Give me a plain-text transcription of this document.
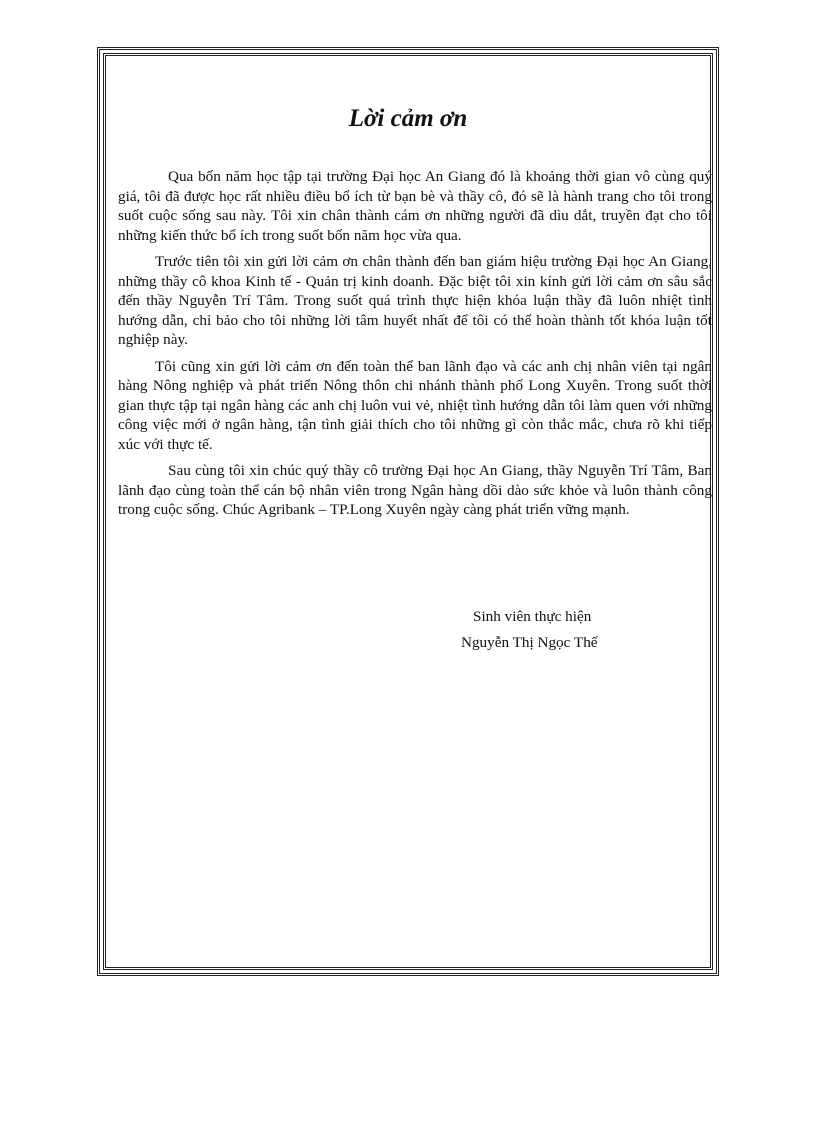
Lời cảm ơn

Qua bốn năm học tập tại trường Đại học An Giang đó là khoảng thời gian vô cùng quý giá, tôi đã được học rất nhiều điều bổ ích từ bạn bè và thầy cô, đó sẽ là hành trang cho tôi trong suốt cuộc sống sau này. Tôi xin chân thành cám ơn những người đã dìu dắt, truyền đạt cho tôi những kiến thức bổ ích trong suốt bốn năm học vừa qua.

Trước tiên tôi xin gửi lời cảm ơn chân thành đến ban giám hiệu trường Đại học An Giang, những thầy cô khoa Kinh tế - Quản trị kinh doanh. Đặc biệt tôi xin kính gửi lời cảm ơn sâu sắc đến thầy Nguyễn Trí Tâm. Trong suốt quá trình thực hiện khóa luận thầy đã luôn nhiệt tình hướng dẫn, chỉ bảo cho tôi những lời tâm huyết nhất để tôi có thể hoàn thành tốt khóa luận tốt nghiệp này.

Tôi cũng xin gửi lời cảm ơn đến toàn thể ban lãnh đạo và các anh chị nhân viên tại ngân hàng Nông nghiệp và phát triển Nông thôn chi nhánh thành phố Long Xuyên. Trong suốt thời gian thực tập tại ngân hàng các anh chị luôn vui vẻ, nhiệt tình hướng dẫn tôi làm quen với những công việc mới ở ngân hàng, tận tình giải thích cho tôi những gì còn thắc mắc, chưa rõ khi tiếp xúc với thực tế.

Sau cùng tôi xin chúc quý thầy cô trường Đại học An Giang, thầy Nguyễn Trí Tâm, Ban lãnh đạo cùng toàn thể cán bộ nhân viên trong Ngân hàng dồi dào sức khỏe và luôn thành công trong cuộc sống. Chúc Agribank – TP.Long Xuyên ngày càng phát triển vững mạnh.

Sinh viên thực hiện
Nguyễn Thị Ngọc Thế
